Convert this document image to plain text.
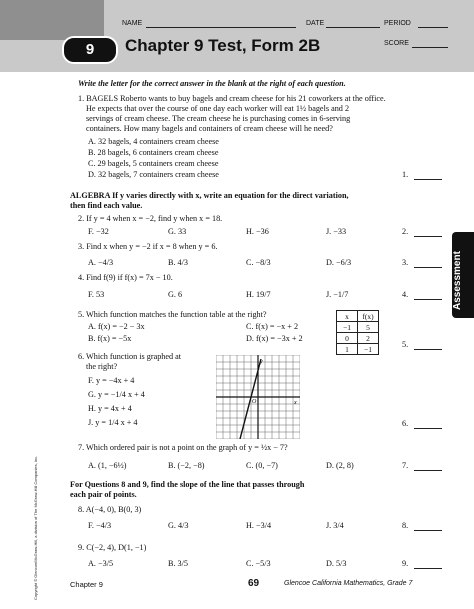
NAME	DATE	PERIOD
SCORE
9	Chapter 9 Test, Form 2B
Write the letter for the correct answer in the blank at the right of each question.
1. BAGELS Roberto wants to buy bagels and cream cheese for his 21 coworkers at the office.
He expects that over the course of one day each worker will eat 1½ bagels and 2
servings of cream cheese. The cream cheese he is purchasing comes in 6-serving
containers. How many bagels and containers of cream cheese will he need?
A. 32 bagels, 4 containers cream cheese
B. 28 bagels, 6 containers cream cheese
C. 29 bagels, 5 containers cream cheese
D. 32 bagels, 7 containers cream cheese	1.
ALGEBRA If y varies directly with x, write an equation for the direct variation,
then find each value.
2. If y = 4 when x = −2, find y when x = 18.
F. −32	G. 33	H. −36	J. −33	2.
3. Find x when y = −2 if x = 8 when y = 6.
A. −4/3	B. 4/3	C. −8/3	D. −6/3	3.
4. Find f(9) if f(x) = 7x − 10.
F. 53	G. 6	H. 19/7	J. −1/7	4.
5. Which function matches the function table at the right?
A. f(x) = −2 − 3x
B. f(x) = −5x
C. f(x) = −x + 2
D. f(x) = −3x + 2
x	f(x)
−1	5
0	2
1	−1	5.
6. Which function is graphed at
the right?
F. y = −4x + 4
G. y = −1/4 x + 4
H. y = 4x + 4
J. y = 1/4 x + 4
y
x
O
6.
7. Which ordered pair is not a point on the graph of y = ½x − 7?
A. (1, −6½)	B. (−2, −8)	C. (0, −7)	D. (2, 8)	7.
For Questions 8 and 9, find the slope of the line that passes through
each pair of points.
8. A(−4, 0), B(0, 3)
F. −4/3	G. 4/3	H. −3/4	J. 3/4	8.
9. C(−2, 4), D(1, −1)
A. −3/5	B. 3/5	C. −5/3	D. 5/3	9.
Chapter 9	69	Glencoe California Mathematics, Grade 7
Assessment
Copyright © Glencoe/McGraw-Hill, a division of The McGraw-Hill Companies, Inc.
